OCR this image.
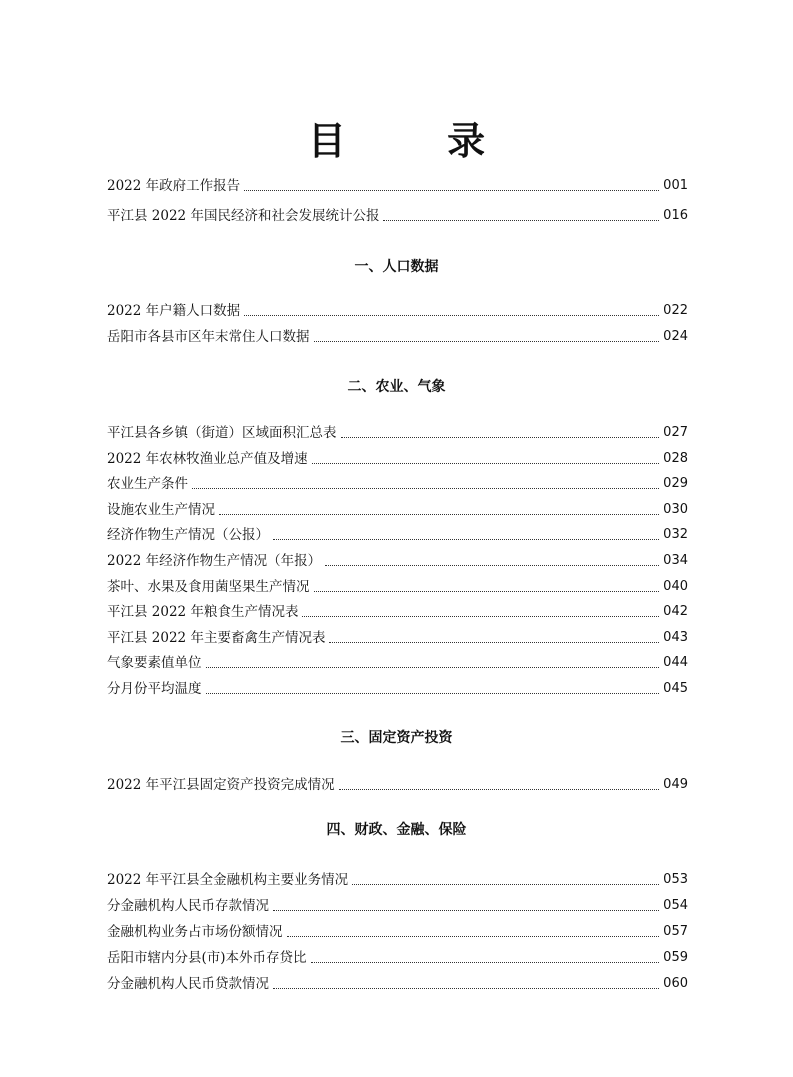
目 录
2022 年政府工作报告	001
平江县 2022 年国民经济和社会发展统计公报	016
一、人口数据
2022 年户籍人口数据	022
岳阳市各县市区年末常住人口数据	024
二、农业、气象
平江县各乡镇（街道）区域面积汇总表	027
2022 年农林牧渔业总产值及增速	028
农业生产条件	029
设施农业生产情况	030
经济作物生产情况（公报）	032
2022 年经济作物生产情况（年报）	034
茶叶、水果及食用菌坚果生产情况	040
平江县 2022 年粮食生产情况表	042
平江县 2022 年主要畜禽生产情况表	043
气象要素值单位	044
分月份平均温度	045
三、固定资产投资
2022 年平江县固定资产投资完成情况	049
四、财政、金融、保险
2022 年平江县全金融机构主要业务情况	053
分金融机构人民币存款情况	054
金融机构业务占市场份额情况	057
岳阳市辖内分县(市)本外币存贷比	059
分金融机构人民币贷款情况	060
